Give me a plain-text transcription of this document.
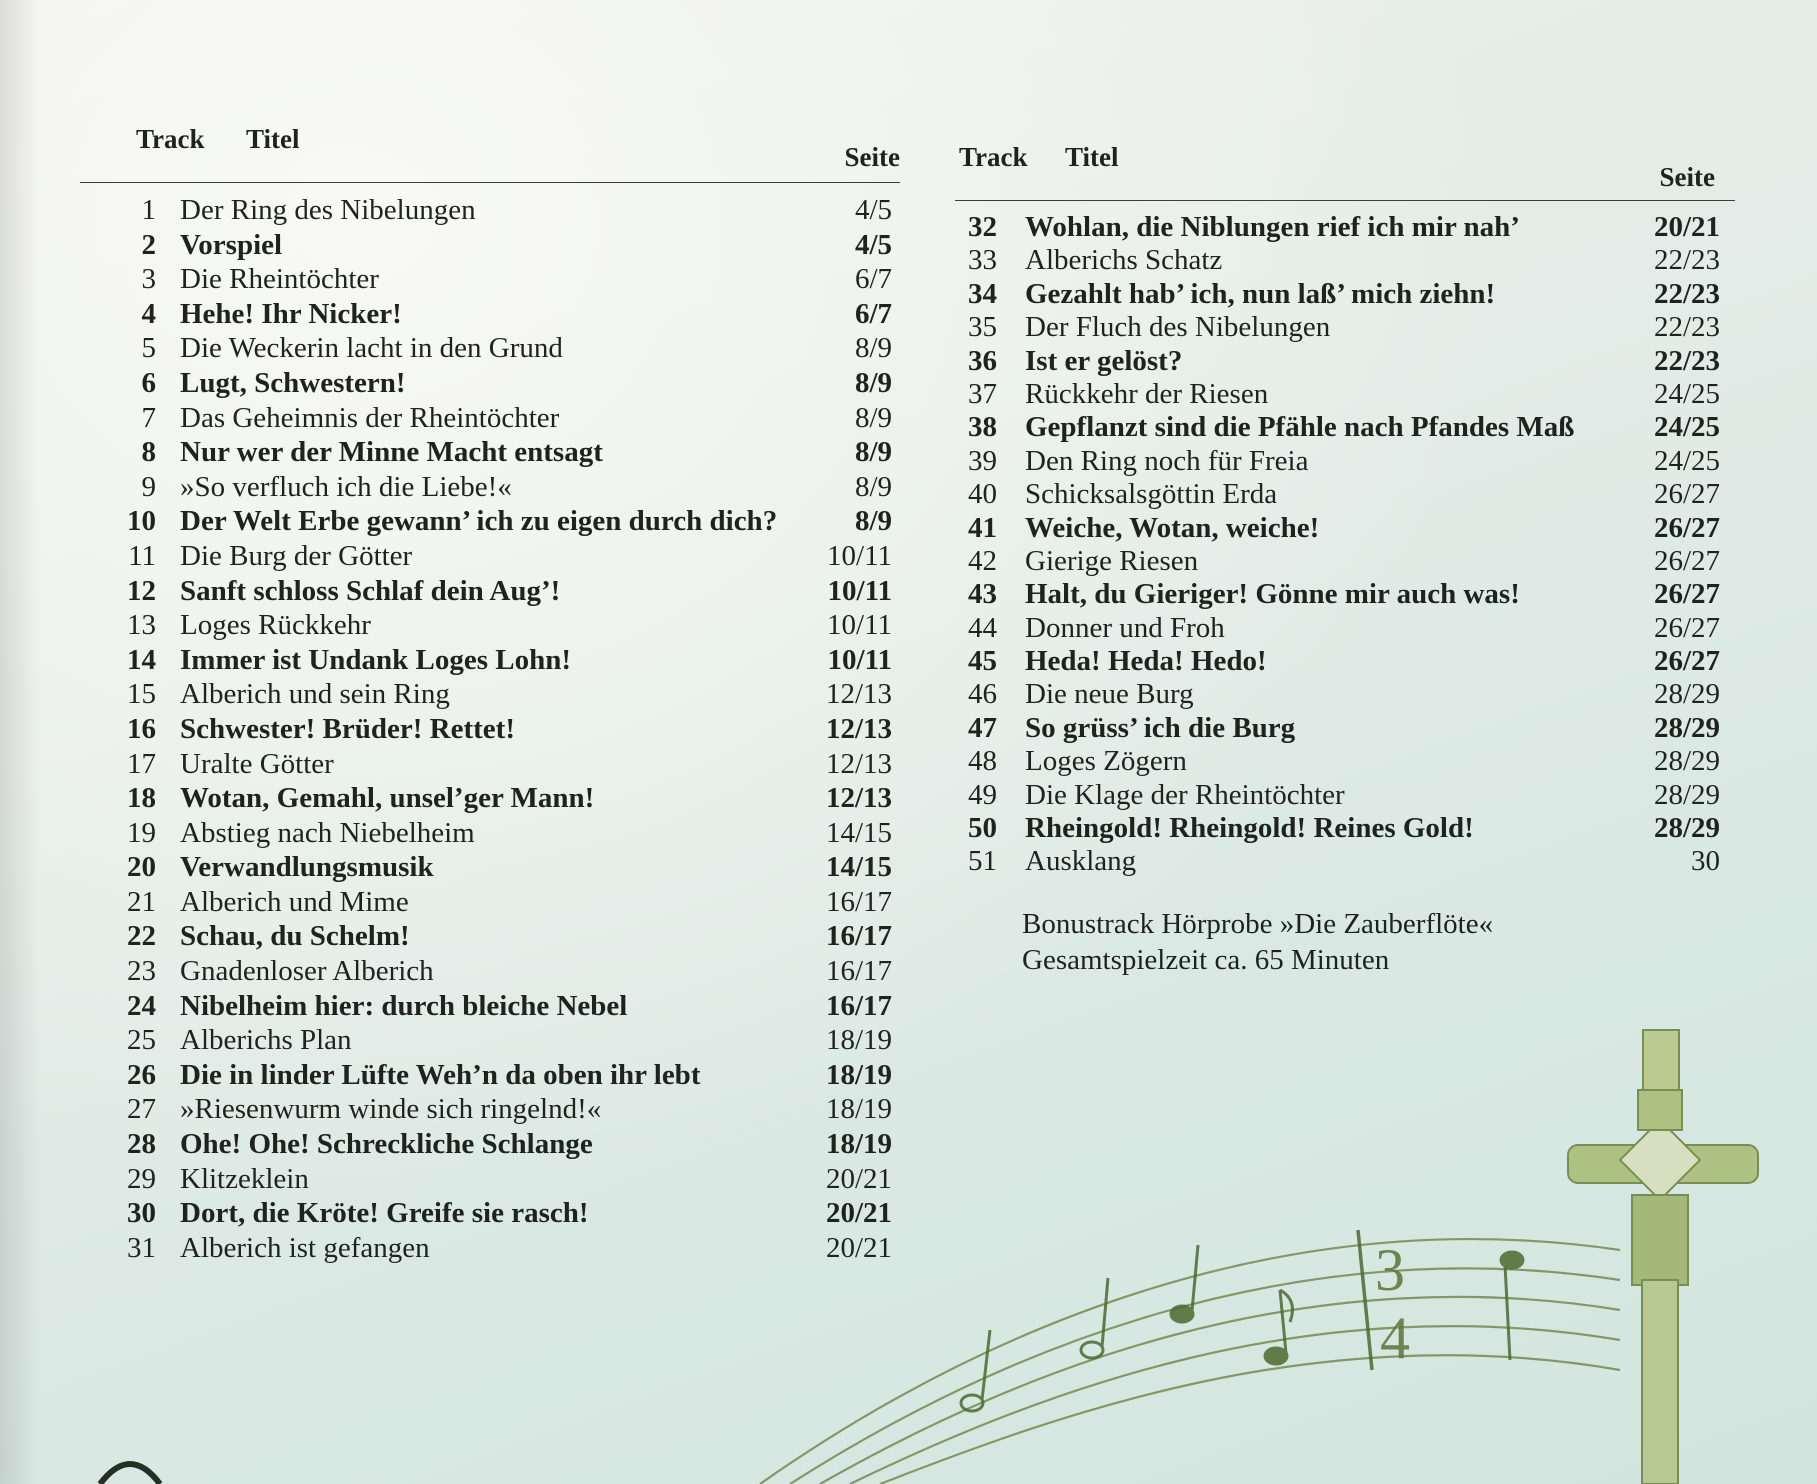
3
4
Track Titel
Seite
1 Der Ring des Nibelungen	4/5
2 Vorspiel	4/5
3 Die Rheintöchter	6/7
4 Hehe! Ihr Nicker!	6/7
5 Die Weckerin lacht in den Grund	8/9
6 Lugt, Schwestern!	8/9
7 Das Geheimnis der Rheintöchter	8/9
8 Nur wer der Minne Macht entsagt	8/9
9 »So verfluch ich die Liebe!«	8/9
10 Der Welt Erbe gewann’ ich zu eigen durch dich?	8/9
11 Die Burg der Götter	10/11
12 Sanft schloss Schlaf dein Aug’!	10/11
13 Loges Rückkehr	10/11
14 Immer ist Undank Loges Lohn!	10/11
15 Alberich und sein Ring	12/13
16 Schwester! Brüder! Rettet!	12/13
17 Uralte Götter	12/13
18 Wotan, Gemahl, unsel’ger Mann!	12/13
19 Abstieg nach Niebelheim	14/15
20 Verwandlungsmusik	14/15
21 Alberich und Mime	16/17
22 Schau, du Schelm!	16/17
23 Gnadenloser Alberich	16/17
24 Nibelheim hier: durch bleiche Nebel	16/17
25 Alberichs Plan	18/19
26 Die in linder Lüfte Weh’n da oben ihr lebt	18/19
27 »Riesenwurm winde sich ringelnd!«	18/19
28 Ohe! Ohe! Schreckliche Schlange	18/19
29 Klitzeklein	20/21
30 Dort, die Kröte! Greife sie rasch!	20/21
31 Alberich ist gefangen	20/21
Track Titel
Seite
32 Wohlan, die Niblungen rief ich mir nah’	20/21
33 Alberichs Schatz	22/23
34 Gezahlt hab’ ich, nun laß’ mich ziehn!	22/23
35 Der Fluch des Nibelungen	22/23
36 Ist er gelöst?	22/23
37 Rückkehr der Riesen	24/25
38 Gepflanzt sind die Pfähle nach Pfandes Maß	24/25
39 Den Ring noch für Freia	24/25
40 Schicksalsgöttin Erda	26/27
41 Weiche, Wotan, weiche!	26/27
42 Gierige Riesen	26/27
43 Halt, du Gieriger! Gönne mir auch was!	26/27
44 Donner und Froh	26/27
45 Heda! Heda! Hedo!	26/27
46 Die neue Burg	28/29
47 So grüss’ ich die Burg	28/29
48 Loges Zögern	28/29
49 Die Klage der Rheintöchter	28/29
50 Rheingold! Rheingold! Reines Gold!	28/29
51 Ausklang	30
Bonustrack Hörprobe »Die Zauberflöte«
Gesamtspielzeit ca. 65 Minuten
